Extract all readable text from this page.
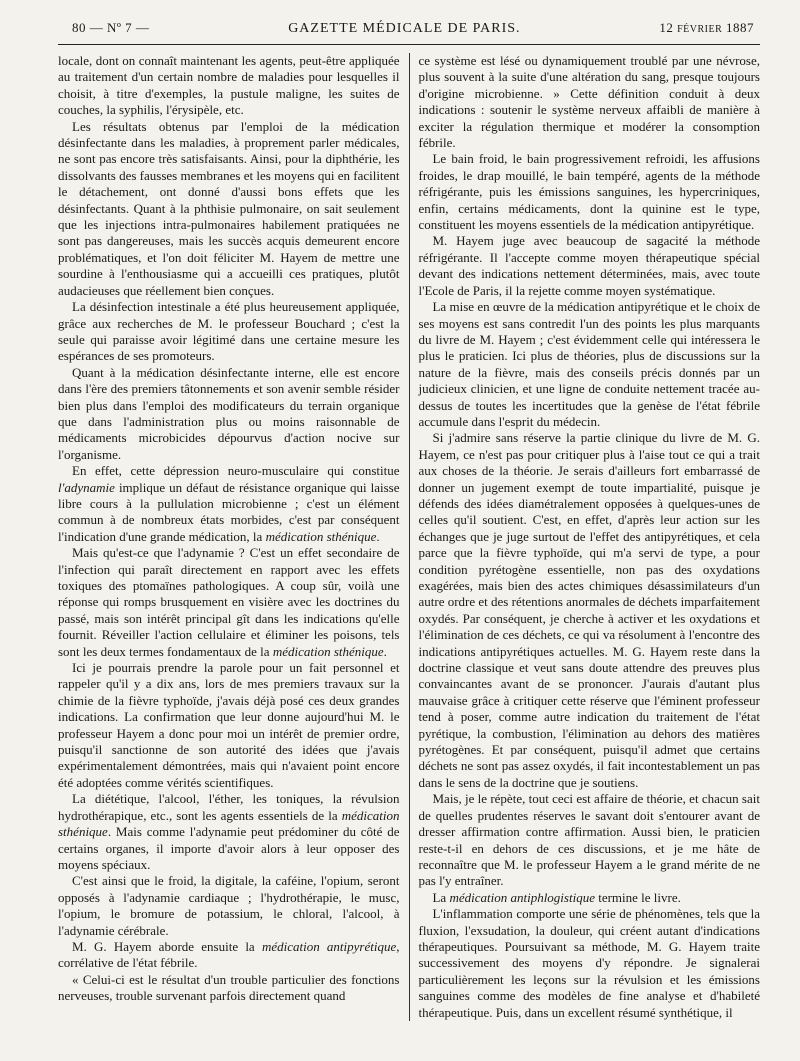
80 — Nº 7 —	GAZETTE MÉDICALE DE PARIS.	12 FÉVRIER 1887

locale, dont on connaît maintenant les agents, peut-être appliquée au traitement d'un certain nombre de maladies pour lesquelles il choisit, à titre d'exemples, la pustule maligne, les suites de couches, la syphilis, l'érysipèle, etc.

Les résultats obtenus par l'emploi de la médication désinfectante dans les maladies, à proprement parler médicales, ne sont pas encore très satisfaisants. Ainsi, pour la diphthérie, les dissolvants des fausses membranes et les moyens qui en facilitent le détachement, ont donné d'aussi bons effets que les désinfectants. Quant à la phthisie pulmonaire, on sait seulement que les injections intra-pulmonaires habilement pratiquées ne sont pas dangereuses, mais les succès acquis demeurent encore problématiques, et l'on doit féliciter M. Hayem de mettre une sourdine à l'enthousiasme qui a accueilli ces pratiques, plutôt audacieuses que réellement bien conçues.

La désinfection intestinale a été plus heureusement appliquée, grâce aux recherches de M. le professeur Bouchard ; c'est la seule qui paraisse avoir légitimé dans une certaine mesure les espérances de ses promoteurs.

Quant à la médication désinfectante interne, elle est encore dans l'ère des premiers tâtonnements et son avenir semble résider bien plus dans l'emploi des modificateurs du terrain organique que dans l'administration plus ou moins raisonnable de médicaments microbicides dépourvus d'action nocive sur l'organisme.

En effet, cette dépression neuro-musculaire qui constitue l'adynamie implique un défaut de résistance organique qui laisse libre cours à la pullulation microbienne ; c'est un élément commun à de nombreux états morbides, c'est par conséquent l'indication d'une grande médication, la médication sthénique.

Mais qu'est-ce que l'adynamie ? C'est un effet secondaire de l'infection qui paraît directement en rapport avec les effets toxiques des ptomaïnes pathologiques. A coup sûr, voilà une réponse qui romps brusquement en visière avec les doctrines du passé, mais son intérêt principal gît dans les indications qu'elle fournit. Réveiller l'action cellulaire et éliminer les poisons, tels sont les deux termes fondamentaux de la médication sthénique.

Ici je pourrais prendre la parole pour un fait personnel et rappeler qu'il y a dix ans, lors de mes premiers travaux sur la chimie de la fièvre typhoïde, j'avais déjà posé ces deux grandes indications. La confirmation que leur donne aujourd'hui M. le professeur Hayem a donc pour moi un intérêt de premier ordre, puisqu'il sanctionne de son autorité des idées que j'avais expérimentalement démontrées, mais qui n'avaient point encore été adoptées comme vérités scientifiques.

La diététique, l'alcool, l'éther, les toniques, la révulsion hydrothérapique, etc., sont les agents essentiels de la médication sthénique. Mais comme l'adynamie peut prédominer du côté de certains organes, il importe d'avoir alors à leur opposer des moyens spéciaux.

C'est ainsi que le froid, la digitale, la caféine, l'opium, seront opposés à l'adynamie cardiaque ; l'hydrothérapie, le musc, l'opium, le bromure de potassium, le chloral, l'alcool, à l'adynamie cérébrale.

M. G. Hayem aborde ensuite la médication antipyrétique, corrélative de l'état fébrile.

« Celui-ci est le résultat d'un trouble particulier des fonctions nerveuses, trouble survenant parfois directement quand

ce système est lésé ou dynamiquement troublé par une névrose, plus souvent à la suite d'une altération du sang, presque toujours d'origine microbienne. » Cette définition conduit à deux indications : soutenir le système nerveux affaibli de manière à exciter la régulation thermique et modérer la consomption fébrile.

Le bain froid, le bain progressivement refroidi, les affusions froides, le drap mouillé, le bain tempéré, agents de la méthode réfrigérante, puis les émissions sanguines, les hypercriniques, enfin, certains médicaments, dont la quinine est le type, constituent les moyens essentiels de la médication antipyrétique.

M. Hayem juge avec beaucoup de sagacité la méthode réfrigérante. Il l'accepte comme moyen thérapeutique spécial devant des indications nettement déterminées, mais, avec toute l'Ecole de Paris, il la rejette comme moyen systématique.

La mise en œuvre de la médication antipyrétique et le choix de ses moyens est sans contredit l'un des points les plus marquants du livre de M. Hayem ; c'est évidemment celle qui intéressera le plus le praticien. Ici plus de théories, plus de discussions sur la nature de la fièvre, mais des conseils précis donnés par un judicieux clinicien, et une ligne de conduite nettement tracée au-dessus de toutes les incertitudes que la genèse de l'état fébrile accumule dans l'esprit du médecin.

Si j'admire sans réserve la partie clinique du livre de M. G. Hayem, ce n'est pas pour critiquer plus à l'aise tout ce qui a trait aux choses de la théorie. Je serais d'ailleurs fort embarrassé de donner un jugement exempt de toute impartialité, puisque je défends des idées diamétralement opposées à quelques-unes de celles qu'il soutient. C'est, en effet, d'après leur action sur les échanges que je juge surtout de l'effet des antipyrétiques, et cela parce que la fièvre typhoïde, qui m'a servi de type, a pour condition pyrétogène essentielle, non pas des oxydations exagérées, mais bien des actes chimiques désassimilateurs d'un autre ordre et des rétentions anormales de déchets imparfaitement oxydés. Par conséquent, je cherche à activer et les oxydations et l'élimination de ces déchets, ce qui va résolument à l'encontre des indications antipyrétiques actuelles. M. G. Hayem reste dans la doctrine classique et veut sans doute attendre des preuves plus convaincantes avant de se prononcer. J'aurais d'autant plus mauvaise grâce à critiquer cette réserve que l'éminent professeur tend à poser, comme autre indication du traitement de l'état pyrétique, la combustion, l'élimination au dehors des matières pyrétogènes. Et par conséquent, puisqu'il admet que certains déchets ne sont pas assez oxydés, il fait incontestablement un pas dans le sens de la doctrine que je soutiens.

Mais, je le répète, tout ceci est affaire de théorie, et chacun sait de quelles prudentes réserves le savant doit s'entourer avant de dresser affirmation contre affirmation. Aussi bien, le praticien reste-t-il en dehors de ces discussions, et je me hâte de reconnaître que M. le professeur Hayem a le grand mérite de ne pas l'y entraîner.

La médication antiphlogistique termine le livre.

L'inflammation comporte une série de phénomènes, tels que la fluxion, l'exsudation, la douleur, qui créent autant d'indications thérapeutiques. Poursuivant sa méthode, M. G. Hayem traite successivement des moyens d'y répondre. Je signalerai particulièrement les leçons sur la révulsion et les émissions sanguines comme des modèles de fine analyse et d'habileté thérapeutique. Puis, dans un excellent résumé synthétique, il
